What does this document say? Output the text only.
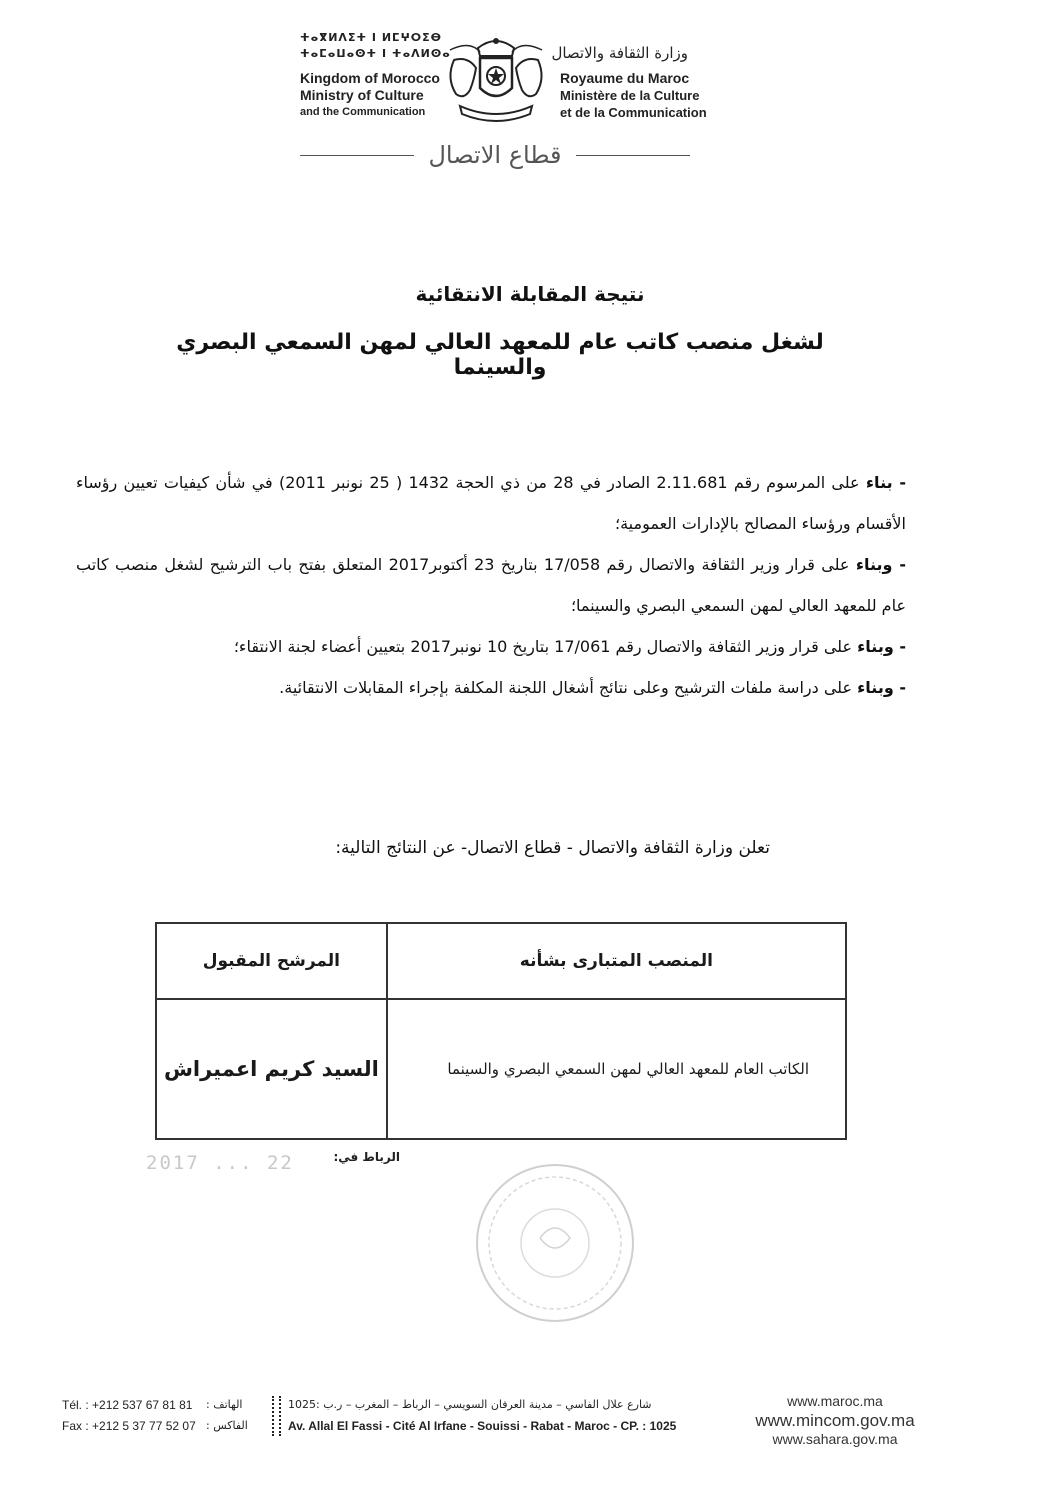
ⵜⴰⴳⵍⴷⵉⵜ ⵏ ⵍⵎⵖⵔⵉⴱ
ⵜⴰⵎⴰⵡⴰⵙⵜ ⵏ ⵜⴰⴷⵍⵙⴰ
Kingdom of Morocco
Ministry of Culture
and the Communication
وزارة الثقافة والاتصال
Royaume du Maroc
Ministère de la Culture
et de la Communication
قطاع الاتصال
نتيجة المقابلة الانتقائية
لشغل منصب كاتب عام للمعهد العالي لمهن السمعي البصري والسينما

- بناء على المرسوم رقم 2.11.681 الصادر في 28 من ذي الحجة 1432 ( 25 نونبر 2011) في شأن كيفيات تعيين رؤساء الأقسام ورؤساء المصالح بالإدارات العمومية؛

- وبناء على قرار وزير الثقافة والاتصال رقم 17/058 بتاريخ 23 أكتوبر2017 المتعلق بفتح باب الترشيح لشغل منصب كاتب عام للمعهد العالي لمهن السمعي البصري والسينما؛

- وبناء على قرار وزير الثقافة والاتصال رقم 17/061 بتاريخ 10 نونبر2017 بتعيين أعضاء لجنة الانتقاء؛

- وبناء على دراسة ملفات الترشيح وعلى نتائج أشغال اللجنة المكلفة بإجراء المقابلات الانتقائية.

تعلن وزارة الثقافة والاتصال - قطاع الاتصال- عن النتائج التالية:
المنصب المتبارى بشأنه	المرشح المقبول
الكاتب العام للمعهد العالي لمهن السمعي البصري والسينما	السيد كريم اعميراش
الرباط في:
2017 ... 22
Tél. : +212 537 67 81 81 الهاتف :
Fax : +212 5 37 77 52 07 الفاكس :
شارع علال الفاسي – مدينة العرفان السويسي – الرباط – المغرب – ر.ب :1025
Av. Allal El Fassi - Cité Al Irfane - Souissi - Rabat - Maroc - CP. : 1025
www.maroc.ma
www.mincom.gov.ma
www.sahara.gov.ma
